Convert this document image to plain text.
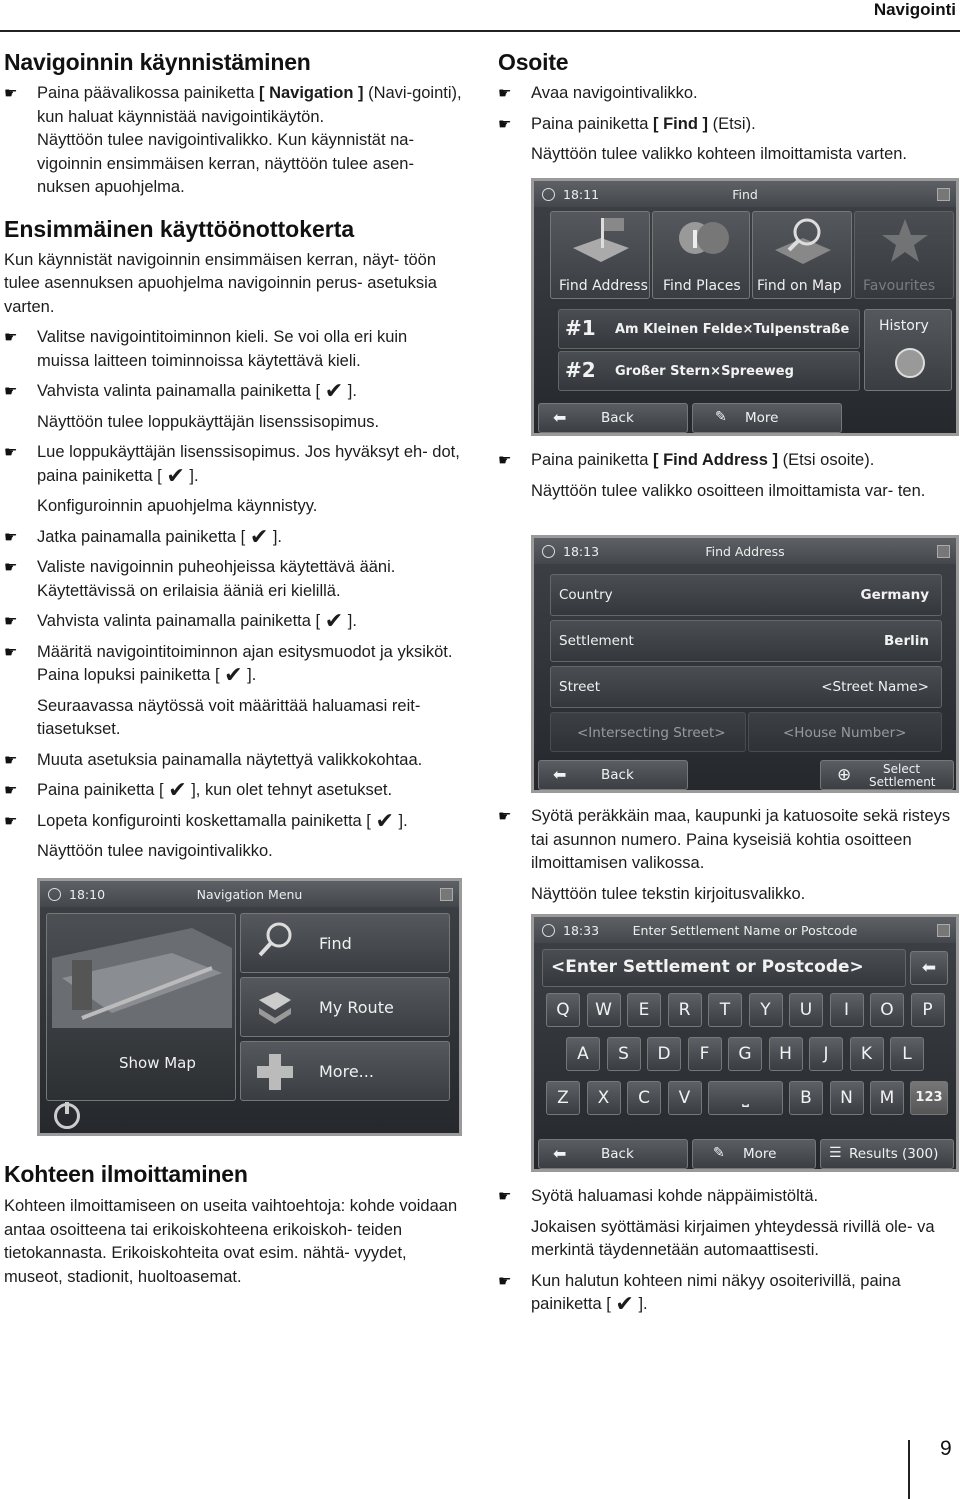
Navigointi
Navigoinnin käynnistäminen
☛	Paina päävalikossa painiketta [ Navigation ] (Navi-gointi), kun haluat käynnistää navigointikäytön.
Näyttöön tulee navigointivalikko. Kun käynnistät na- vigoinnin ensimmäisen kerran, näyttöön tulee asen- nuksen apuohjelma.
Ensimmäinen käyttöönottokerta

Kun käynnistät navigoinnin ensimmäisen kerran, näyt- töön tulee asennuksen apuohjelma navigoinnin perus- asetuksia varten.

☛	Valitse navigointitoiminnon kieli. Se voi olla eri kuin muissa laitteen toiminnoissa käytettävä kieli.
☛	Vahvista valinta painamalla painiketta [ ✔ ].
Näyttöön tulee loppukäyttäjän lisenssisopimus.
☛	Lue loppukäyttäjän lisenssisopimus. Jos hyväksyt eh- dot, paina painiketta [ ✔ ].
Konfiguroinnin apuohjelma käynnistyy.
☛	Jatka painamalla painiketta [ ✔ ].
☛	Valiste navigoinnin puheohjeissa käytettävä ääni. Käytettävissä on erilaisia ääniä eri kielillä.
☛	Vahvista valinta painamalla painiketta [ ✔ ].
☛	Määritä navigointitoiminnon ajan esitysmuodot ja yksiköt. Paina lopuksi painiketta [ ✔ ].
Seuraavassa näytössä voit määrittää haluamasi reit- tiasetukset.
☛	Muuta asetuksia painamalla näytettyä valikkokohtaa.
☛	Paina painiketta [ ✔ ], kun olet tehnyt asetukset.
☛	Lopeta konfigurointi koskettamalla painiketta [ ✔ ].
Näyttöön tulee navigointivalikko.
18:10	Navigation Menu
Show Map
Find
My Route
More...
Kohteen ilmoittaminen

Kohteen ilmoittamiseen on useita vaihtoehtoja: kohde voidaan antaa osoitteena tai erikoiskohteena erikoiskoh- teiden tietokannasta. Erikoiskohteita ovat esim. nähtä- vyydet, museot, stadionit, huoltoasemat.

Osoite
☛	Avaa navigointivalikko.
☛	Paina painiketta [ Find ] (Etsi).
Näyttöön tulee valikko kohteen ilmoittamista varten.
18:11	Find
Find Address Find Places Find on Map Favourites
#1 Am Kleinen Felde×Tulpenstraße
#2 Großer Stern×Spreeweg
History
⬅	Back	✎ More
☛	Paina painiketta [ Find Address ] (Etsi osoite).
Näyttöön tulee valikko osoitteen ilmoittamista var- ten.
18:13	Find Address
Country	Germany
Settlement	Berlin
Street	<Street Name>
<Intersecting Street>	<House Number>
⬅	Back	⊕	Select
Settlement
☛	Syötä peräkkäin maa, kaupunki ja katuosoite sekä risteys tai asunnon numero. Paina kyseisiä kohtia osoitteen ilmoittamisen valikossa.
Näyttöön tulee tekstin kirjoitusvalikko.
18:33	Enter Settlement Name or Postcode
<Enter Settlement or Postcode>	⬅
Q	W	E	R	T	Y	U	I	O	P
A	S	D	F	G	H	J	K	L
Z	X	C	V	B	N	M
⎵	123
⬅	Back	✎ More	☰ Results (300)
☛	Syötä haluamasi kohde näppäimistöltä.
Jokaisen syöttämäsi kirjaimen yhteydessä rivillä ole- va merkintä täydennetään automaattisesti.
☛	Kun halutun kohteen nimi näkyy osoiterivillä, paina painiketta [ ✔ ].
9
